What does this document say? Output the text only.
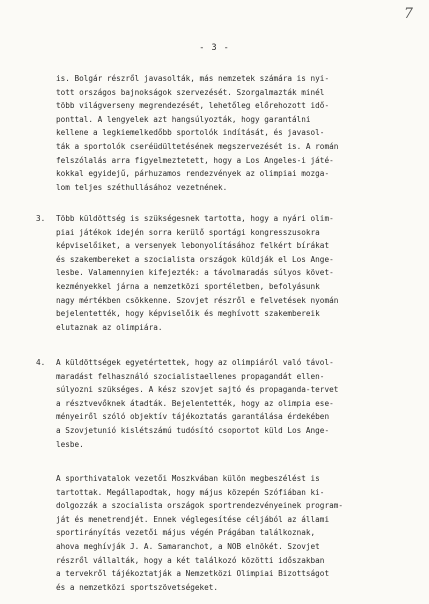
7
- 3 -
is. Bolgár részről javasolták, más nemzetek számára is nyi-
tott országos bajnokságok szervezését. Szorgalmazták minél
több világverseny megrendezését, lehetőleg előrehozott idő-
ponttal. A lengyelek azt hangsúlyozták, hogy garantálni
kellene a legkiemelkedőbb sportolók indítását, és javasol-
ták a sportolók cseréüdültetésének megszervezését is. A román
felszólalás arra figyelmeztetett, hogy a Los Angeles-i játé-
kokkal egyidejű, párhuzamos rendezvények az olimpiai mozga-
lom teljes széthullásához vezetnének.
3. Több küldöttség is szükségesnek tartotta, hogy a nyári olim-
piai játékok idején sorra kerülő sportági kongresszusokra
képviselőiket, a versenyek lebonyolításához felkért bírákat
és szakembereket a szocialista országok küldják el Los Ange-
lesbe. Valamennyien kifejezték: a távolmaradás súlyos követ-
kezményekkel járna a nemzetközi sportéletben, befolyásunk
nagy mértékben csökkenne. Szovjet részről e felvetések nyomán
bejelentették, hogy képviselőik és meghívott szakembereik
elutaznak az olimpiára.
4. A küldöttségek egyetértettek, hogy az olimpiáról való távol-
maradást felhasználó szocialistaellenes propagandát ellen-
súlyozni szükséges. A kész szovjet sajtó és propaganda-tervet
a résztvevőknek átadták. Bejelentették, hogy az olimpia ese-
ményeiről szóló objektív tájékoztatás garantálása érdekében
a Szovjetunió kislétszámú tudósító csoportot küld Los Ange-
lesbe.
A sporthivatalok vezetői Moszkvában külön megbeszélést is
tartottak. Megállapodtak, hogy május közepén Szófiában ki-
dolgozzák a szocialista országok sportrendezvényeinek program-
ját és menetrendjét. Ennek véglegesítése céljából az állami
sportirányítás vezetői május végén Prágában találkoznak,
ahova meghívják J. A. Samaranchot, a NOB elnökét. Szovjet
részről vállalták, hogy a két találkozó közötti időszakban
a tervekről tájékoztatják a Nemzetközi Olimpiai Bizottságot
és a nemzetközi sportszövetségeket.
